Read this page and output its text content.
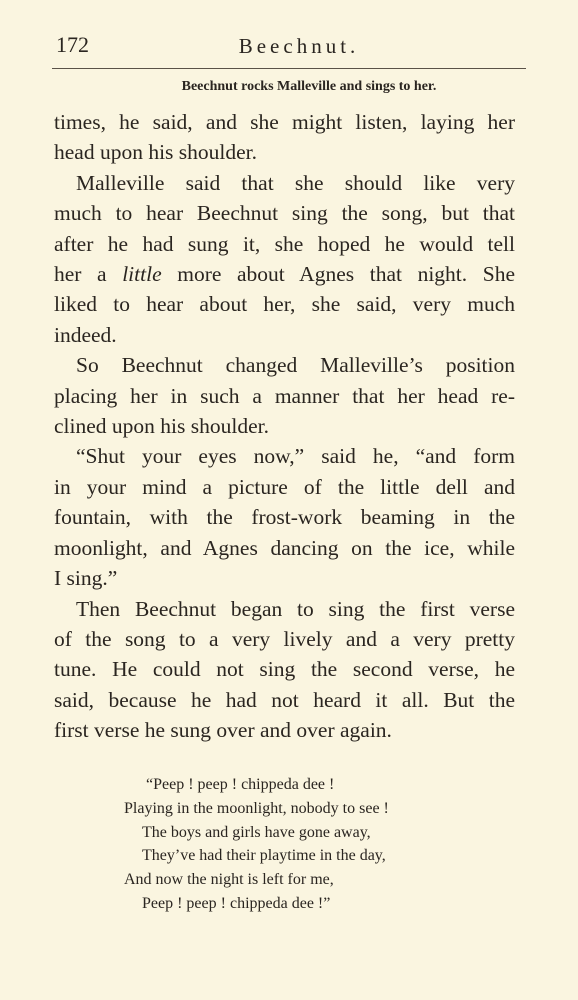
172	Beechnut.
Beechnut rocks Malleville and sings to her.

times, he said, and she might listen, laying her
head upon his shoulder.

Malleville said that she should like very
much to hear Beechnut sing the song, but that
after he had sung it, she hoped he would tell
her a little more about Agnes that night. She
liked to hear about her, she said, very much
indeed.

So Beechnut changed Malleville’s position
placing her in such a manner that her head re-
clined upon his shoulder.

“Shut your eyes now,” said he, “and form
in your mind a picture of the little dell and
fountain, with the frost-work beaming in the
moonlight, and Agnes dancing on the ice, while
I sing.”

Then Beechnut began to sing the first verse
of the song to a very lively and a very pretty
tune. He could not sing the second verse, he
said, because he had not heard it all. But the
first verse he sung over and over again.

“Peep ! peep ! chippeda dee !
Playing in the moonlight, nobody to see !
The boys and girls have gone away,
They’ve had their playtime in the day,
And now the night is left for me,
Peep ! peep ! chippeda dee !”
